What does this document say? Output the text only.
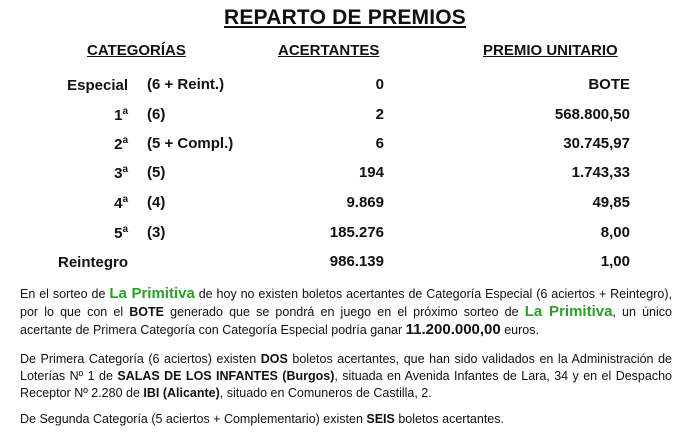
REPARTO DE PREMIOS
CATEGORÍAS	ACERTANTES	PREMIO UNITARIO
Especial (6 + Reint.)	0	BOTE
1$^a$ (6)	2	568.800,50
2$^a$ (5 + Compl.)	6	30.745,97
3$^a$ (5)	194	1.743,33
4$^a$ (4)	9.869	49,85
5$^a$ (3)	185.276	8,00
Reintegro	986.139	1,00
En el sorteo de La Primitiva de hoy no existen boletos acertantes de Categoría Especial (6 aciertos + Reintegro), por lo que con el BOTE generado que se pondrá en juego en el próximo sorteo de La Primitiva, un único acertante de Primera Categoría con Categoría Especial podría ganar 11.200.000,00 euros.
De Primera Categoría (6 aciertos) existen DOS boletos acertantes, que han sido validados en la Administración de Loterías Nº 1 de SALAS DE LOS INFANTES (Burgos), situada en Avenida Infantes de Lara, 34 y en el Despacho Receptor Nº 2.280 de IBI (Alicante), situado en Comuneros de Castilla, 2.
De Segunda Categoría (5 aciertos + Complementario) existen SEIS boletos acertantes.
